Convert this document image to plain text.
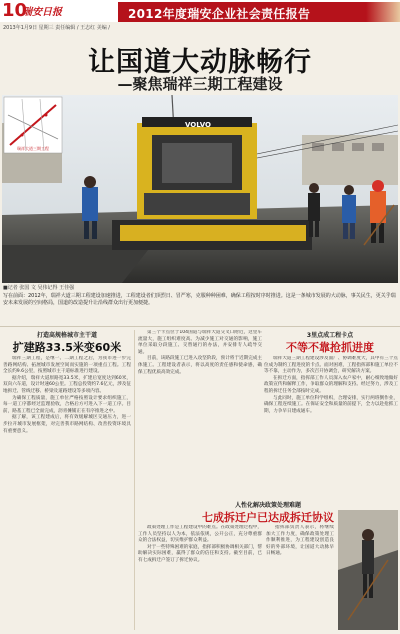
10
瑞安日报	2012年度瑞安企业社会责任报告
2013年1月9日 星期三 责任编辑 / 王志红 美编 /
让国道大动脉畅行
—聚焦瑞祥三期工程建设
VOLVO
瑞祥大道三期工程
■记者 张国 文 吴伟记得 王佳强
写在前面：2012年，瑞祥大道三期工程建设加速推进，工程建设者们顶烈日、冒严寒，克服种种困难，确保工程按时序时推进。这是一条城市发展的大动脉，事关民生，更关乎瑞安未来发展的空间格局，国道的改造提升让沿线群众出行更加便捷。
打造高规格城市主干道
扩建路33.5米变60米

瑞祥三期工程，是继一、二期工程之后，为我市进一步完善路网结构、拓展城市发展空间而实施的一项重点工程。工程全长约9.6公里，按照城市主干道标准进行建设。

据介绍，瑞祥大道原路宽33.5米，扩建后宽度达到60米，双向六车道，设计时速60公里。工程总投资约7.6亿元，涉及征地拆迁、管线迁移、桥梁及道路建设等多项内容。

为确保工程质量，施工单位严格按照设计要求组织施工，每一道工序都经过监理验收，合格后方可进入下一道工序。目前，路基工程已全面完成，沥青摊铺正在有序推进之中。

据了解，该工程建成后，将有效缓解城区交通压力，进一步拉开城市发展框架，对完善我市路网结构、改善投资环境具有重要意义。

第三个卡点位于104国道与瑞祥大道交叉口附近，这里车流量大，施工组织难度高。为减少施工对交通的影响，施工单位采取分段施工、交替通行的办法，并安排专人疏导交通。

目前，该路段施工已进入攻坚阶段，预计将于近期完成主体施工。工程建设者表示，将以高度的责任感和使命感，确保工程优质高效完成。

3里点成工程卡点
不等不靠抢抓进度

瑞祥大道三期工程建设涉及面广、协调难度大，其中有三个点位成为制约工程进度的卡点。面对困难，工程指挥部和施工单位不等不靠，主动作为，多次召开协调会，研究解决方案。

在拆迁方面，指挥部工作人员深入农户家中，耐心细致地做好政策宣传和解释工作，争取群众的理解和支持。经过努力，涉及工程的拆迁任务全部按时完成。

与此同时，施工单位科学组织，合理安排，实行两班倒作业，确保工程连续施工。在保证安全和质量的前提下，全力以赴抢抓工期，力争早日建成通车。

人性化解决政策处理难题
七成拆迁户已达成拆迁协议

政策处理工作是工程建设中的难点。在政策处理过程中，工作人员坚持以人为本，依法依规，公开公正，充分尊重群众的合法权益，切实维护群众利益。

对于一些特殊困难的家庭，指挥部积极协调相关部门，帮助解决实际困难，赢得了群众的信任和支持。截至目前，已有七成拆迁户签订了拆迁协议。

指挥部负责人表示，将继续加大工作力度，确保政策处理工作顺利推进，为工程建设创造良好的外部环境，让国道大动脉早日畅通。
